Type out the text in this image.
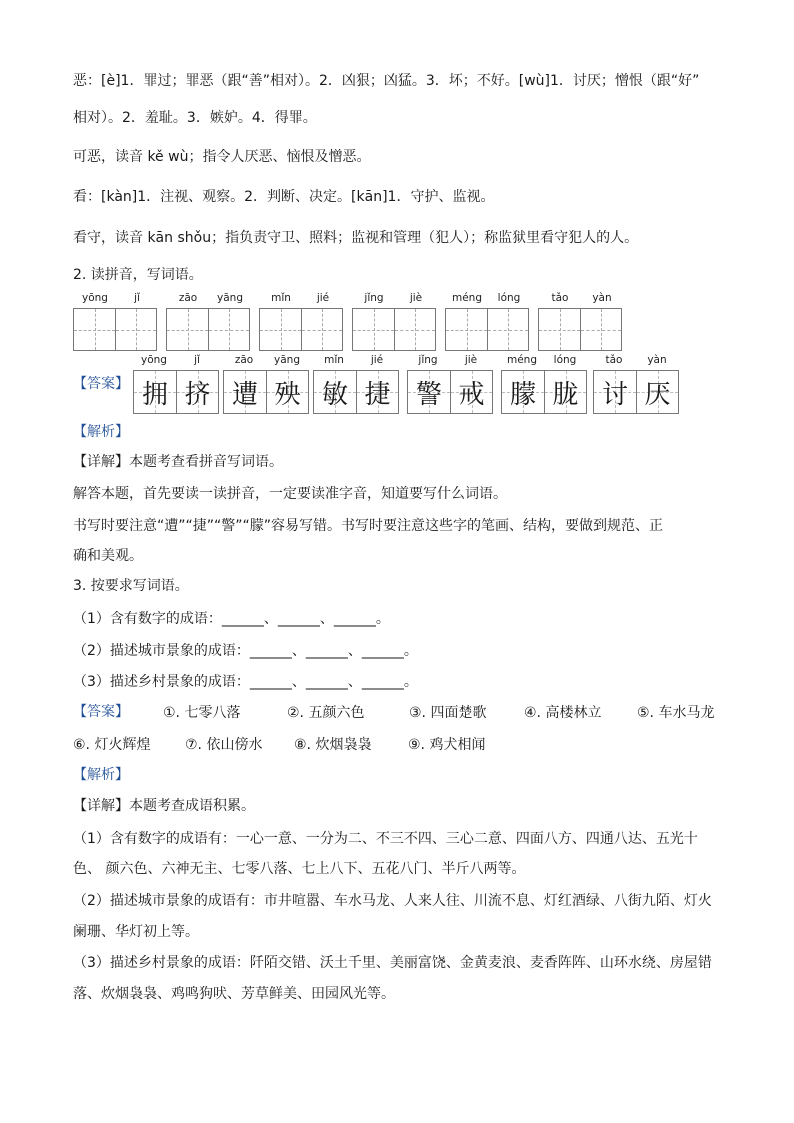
恶：[è]1．罪过；罪恶（跟“善”相对）。2．凶狠；凶猛。3．坏；不好。[wù]1．讨厌；憎恨（跟“好”
相对）。2．羞耻。3．嫉妒。4．得罪。
可恶，读音 kě wù；指令人厌恶、恼恨及憎恶。
看：[kàn]1．注视、观察。2．判断、决定。[kān]1．守护、监视。
看守，读音 kān shǒu；指负责守卫、照料；监视和管理（犯人）；称监狱里看守犯人的人。
2. 读拼音，写词语。
yōng	jǐ	zāo	yāng	mǐn	jié	jǐng	jiè	méng	lóng	tǎo	yàn
【答案】
yōng	jǐ
拥 挤
zāo	yāng
遭 殃
mǐn	jié
敏 捷
jǐng	jiè
警 戒
méng	lóng
朦 胧
tǎo	yàn
讨 厌
【解析】
【详解】本题考查看拼音写词语。
解答本题，首先要读一读拼音，一定要读准字音，知道要写什么词语。
书写时要注意“遭”“捷”“警”“朦”容易写错。书写时要注意这些字的笔画、结构，要做到规范、正
确和美观。
3. 按要求写词语。
（1）含有数字的成语：______、______、______。
（2）描述城市景象的成语：______、______、______。
（3）描述乡村景象的成语：______、______、______。
【答案】 ①. 七零八落	②. 五颜六色	③. 四面楚歌	④. 高楼林立	⑤. 车水马龙
⑥. 灯火辉煌 ⑦. 依山傍水 ⑧. 炊烟袅袅	⑨. 鸡犬相闻
【解析】
【详解】本题考查成语积累。
（1）含有数字的成语有：一心一意、一分为二、不三不四、三心二意、四面八方、四通八达、五光十
色、 颜六色、六神无主、七零八落、七上八下、五花八门、半斤八两等。
（2）描述城市景象的成语有：市井喧嚣、车水马龙、人来人往、川流不息、灯红酒绿、八街九陌、灯火
阑珊、华灯初上等。
（3）描述乡村景象的成语：阡陌交错、沃土千里、美丽富饶、金黄麦浪、麦香阵阵、山环水绕、房屋错
落、炊烟袅袅、鸡鸣狗吠、芳草鲜美、田园风光等。
